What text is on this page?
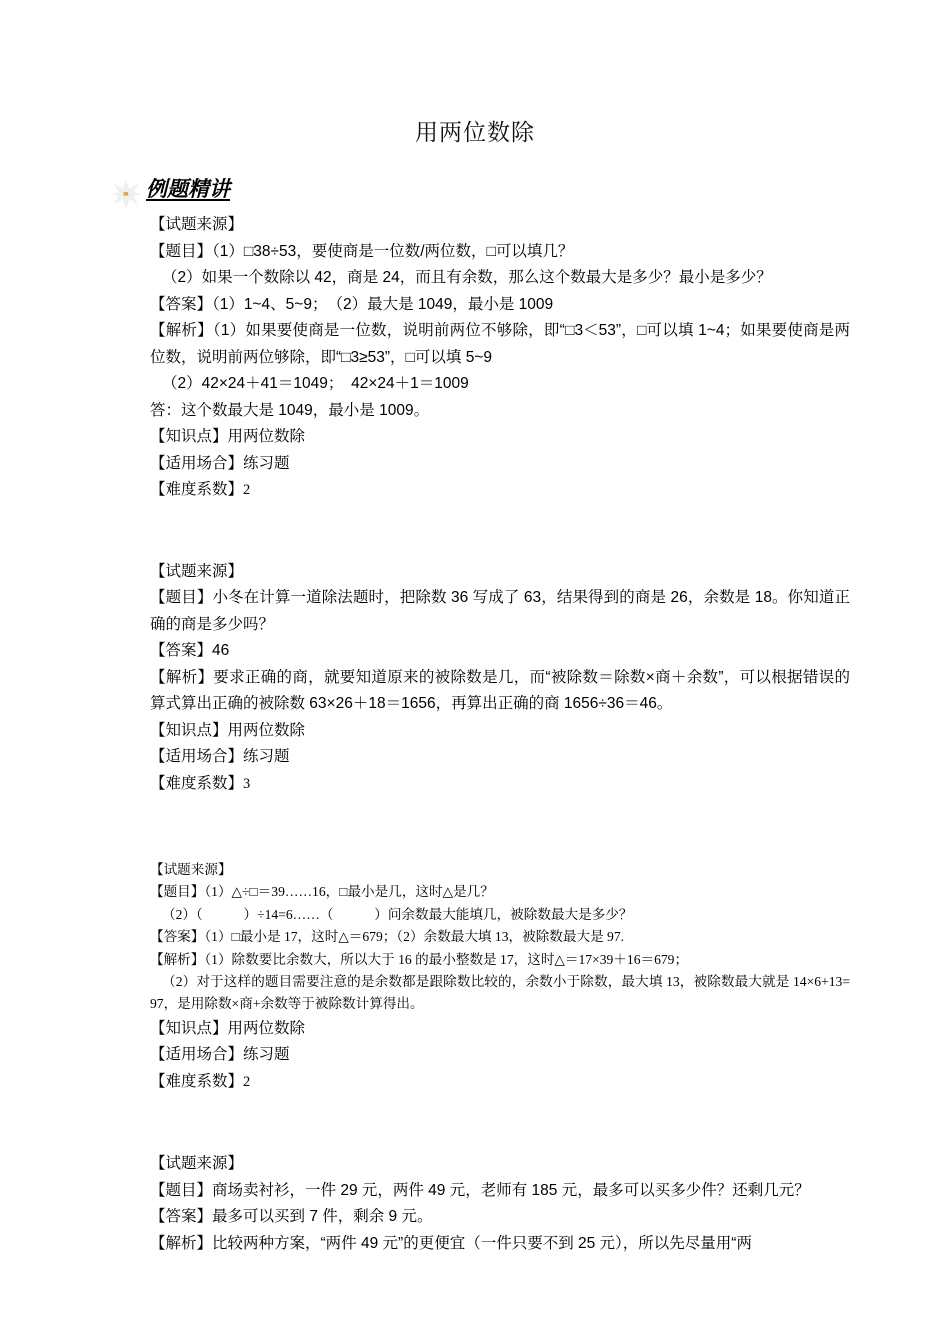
用两位数除
例题精讲

【试题来源】

【题目】（1）□38÷53，要使商是一位数/两位数，□可以填几？

（2）如果一个数除以 42，商是 24，而且有余数，那么这个数最大是多少？最小是多少？

【答案】（1）1~4、5~9；　（2）最大是 1049，最小是 1009

【解析】（1）如果要使商是一位数，说明前两位不够除，即“□3＜53”，□可以填 1~4；如果要使商是两位数，说明前两位够除，即“□3≥53”，□可以填 5~9

（2）42×24＋41＝1049；　42×24＋1＝1009

答：这个数最大是 1049，最小是 1009。

【知识点】用两位数除

【适用场合】练习题

【难度系数】2

【试题来源】

【题目】小冬在计算一道除法题时，把除数 36 写成了 63，结果得到的商是 26，余数是 18。你知道正确的商是多少吗？

【答案】46

【解析】要求正确的商，就要知道原来的被除数是几，而“被除数＝除数×商＋余数”，可以根据错误的算式算出正确的被除数 63×26＋18＝1656，再算出正确的商 1656÷36＝46。

【知识点】用两位数除

【适用场合】练习题

【难度系数】3

【试题来源】

【题目】（1）△÷□＝39……16，□最小是几，这时△是几？

（2）（　　　）÷14=6……（　　　）问余数最大能填几，被除数最大是多少？

【答案】（1）□最小是 17，这时△＝679；（2）余数最大填 13，被除数最大是 97.

【解析】（1）除数要比余数大，所以大于 16 的最小整数是 17，这时△＝17×39＋16＝679；

（2）对于这样的题目需要注意的是余数都是跟除数比较的，余数小于除数，最大填 13，被除数最大就是 14×6+13=97，是用除数×商+余数等于被除数计算得出。

【知识点】用两位数除

【适用场合】练习题

【难度系数】2

【试题来源】

【题目】商场卖衬衫，一件 29 元，两件 49 元，老师有 185 元，最多可以买多少件？还剩几元？

【答案】最多可以买到 7 件，剩余 9 元。

【解析】比较两种方案，“两件 49 元”的更便宜（一件只要不到 25 元），所以先尽量用“两
